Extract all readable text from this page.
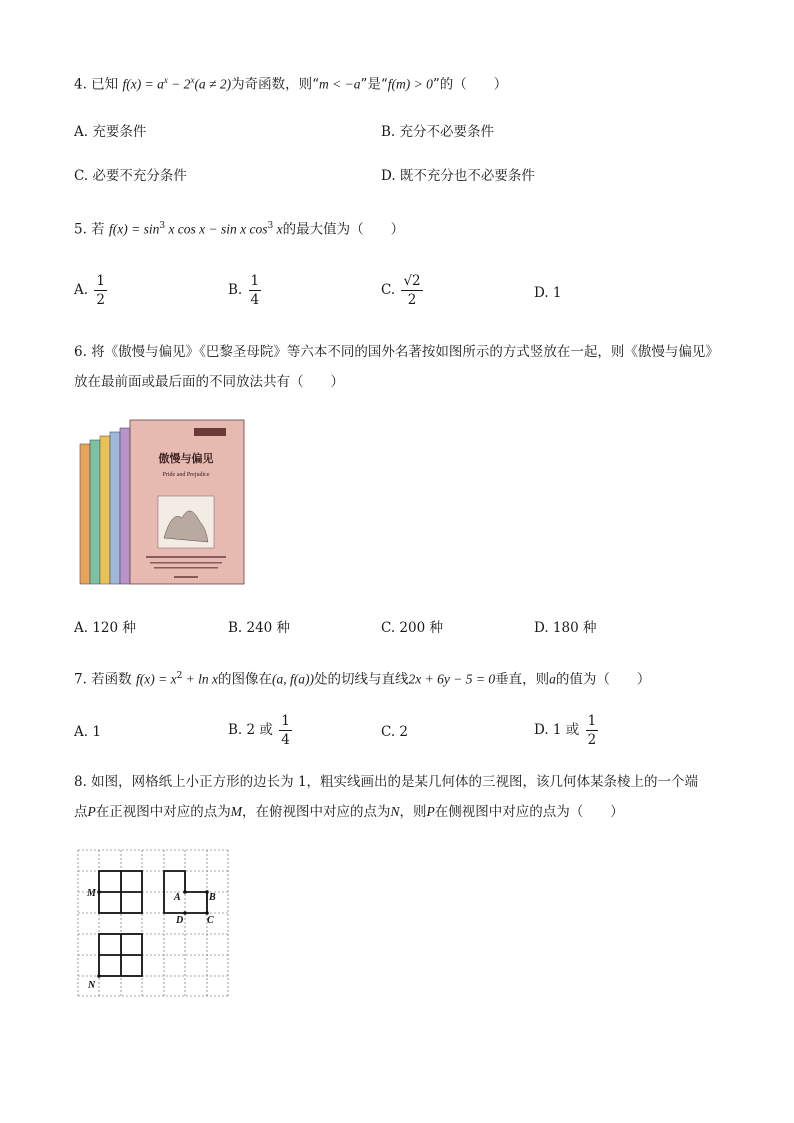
4. 已知 $f(x) = a^x - 2^x(a \ne 2)$为奇函数，则“m < −a”是“f(m) > 0”的（　　）
A. 充要条件	B. 充分不必要条件
C. 必要不充分条件	D. 既不充分也不必要条件
5. 若 $f(x) = \sin^3 x$ cos x − sin x $\cos^3 x$的最大值为（　　）
A. $\frac{1}{2}$	B. $\frac{1}{4}$	C. $\frac{√2}{2}$	D. 1
6. 将《傲慢与偏见》《巴黎圣母院》等六本不同的国外名著按如图所示的方式竖放在一起，则《傲慢与偏见》
放在最前面或最后面的不同放法共有（　　）
傲慢与偏见
Pride and Prejudice
A. 120 种	B. 240 种	C. 200 种	D. 180 种
7. 若函数 $f(x) = x^2 + \ln x$的图像在(a, f(a))处的切线与直线2x + 6y − 5 = 0垂直，则a的值为（　　）
A. 1	B. 2 或 $\frac{1}{4}$	C. 2	D. 1 或 $\frac{1}{2}$
8. 如图，网格纸上小正方形的边长为 1，粗实线画出的是某几何体的三视图，该几何体某条棱上的一个端
点P在正视图中对应的点为M，在俯视图中对应的点为N，则P在侧视图中对应的点为（　　）
M	A	B
C
D
N
